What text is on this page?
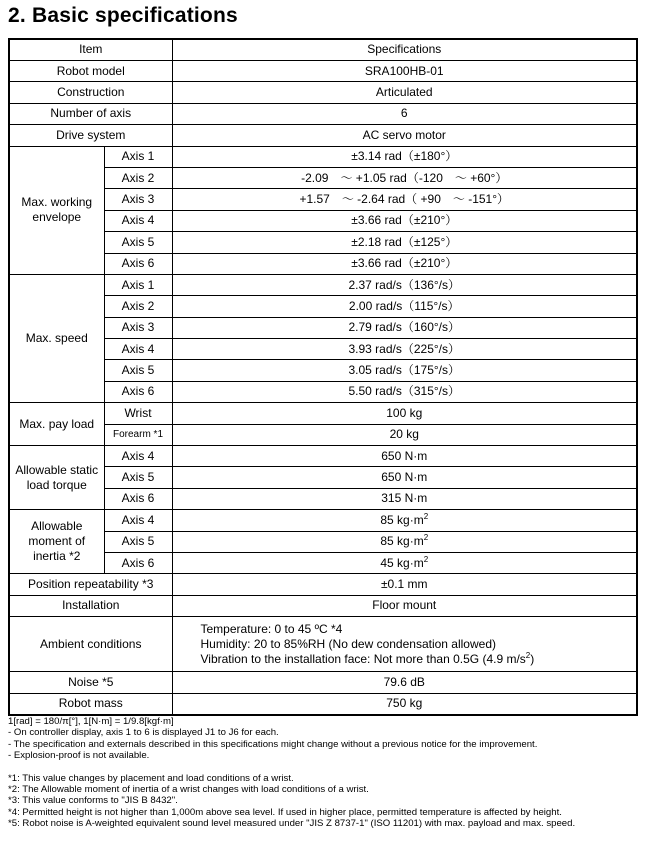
2. Basic specifications
Item		Specifications
Robot model		SRA100HB-01
Construction		Articulated
Number of axis		6
Drive system		AC servo motor
Max. working envelope	Axis 1	±3.14 rad（±180°）
	Axis 2	-2.09　～ +1.05 rad（-120　～ +60°）
	Axis 3	+1.57　～ -2.64 rad（ +90　～ -151°）
	Axis 4	±3.66 rad（±210°）
	Axis 5	±2.18 rad（±125°）
	Axis 6	±3.66 rad（±210°）
Max. speed	Axis 1	2.37 rad/s（136°/s）
	Axis 2	2.00 rad/s（115°/s）
	Axis 3	2.79 rad/s（160°/s）
	Axis 4	3.93 rad/s（225°/s）
	Axis 5	3.05 rad/s（175°/s）
	Axis 6	5.50 rad/s（315°/s）
Max. pay load	Wrist	100 kg
	Forearm *1	20 kg
Allowable static load torque	Axis 4	650 N·m
	Axis 5	650 N·m
	Axis 6	315 N·m
Allowable moment of inertia *2	Axis 4	85 $kg\cdot m^2$
	Axis 5	85 $kg\cdot m^2$
	Axis 6	45 $kg\cdot m^2$
Position repeatability *3		±0.1 mm
Installation		Floor mount
Ambient conditions		Temperature: 0 to 45 ºC *4
Humidity: 20 to 85%RH (No dew condensation allowed)
Vibration to the installation face: Not more than 0.5G (4.9 $m/s^2$)

Noise *5		79.6 dB
Robot mass		750 kg
1[rad] = 180/π[°], 1[N·m] = 1/9.8[kgf·m]
- On controller display, axis 1 to 6 is displayed J1 to J6 for each.
- The specification and externals described in this specifications might change without a previous notice for the improvement.
- Explosion-proof is not available.
*1: This value changes by placement and load conditions of a wrist.
*2: The Allowable moment of inertia of a wrist changes with load conditions of a wrist.
*3: This value conforms to "JIS B 8432".
*4: Permitted height is not higher than 1,000m above sea level. If used in higher place, permitted temperature is affected by height.
*5: Robot noise is A-weighted equivalent sound level measured under "JIS Z 8737-1" (ISO 11201) with max. payload and max. speed.
